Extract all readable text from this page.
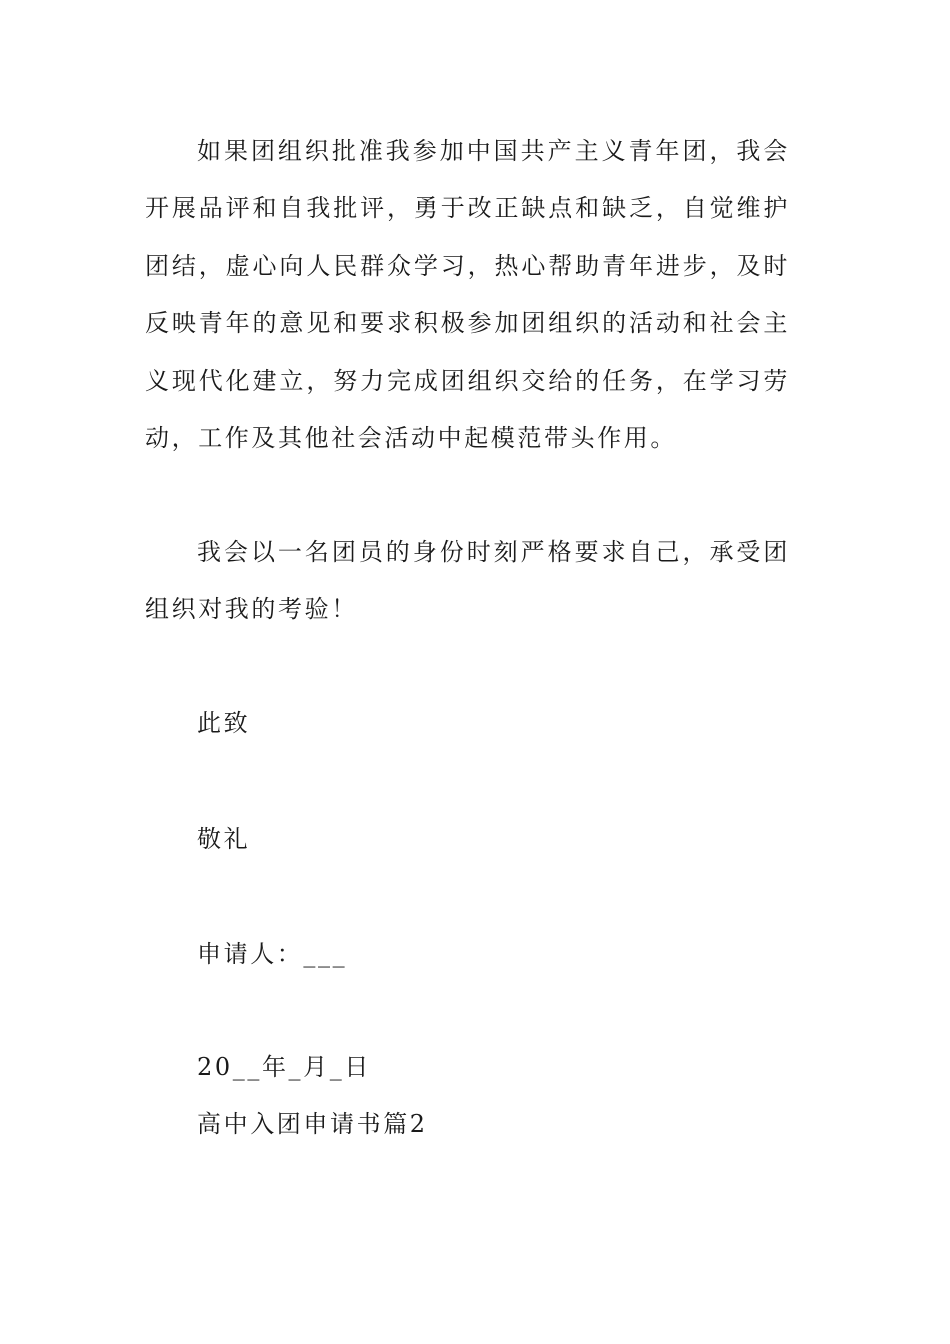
如果团组织批准我参加中国共产主义青年团，我会开展品评和自我批评，勇于改正缺点和缺乏，自觉维护团结，虚心向人民群众学习，热心帮助青年进步，及时反映青年的意见和要求积极参加团组织的活动和社会主义现代化建立，努力完成团组织交给的任务，在学习劳动，工作及其他社会活动中起模范带头作用。

我会以一名团员的身份时刻严格要求自己，承受团组织对我的考验！

此致

敬礼

申请人：___

20__年_月_日

高中入团申请书篇2
